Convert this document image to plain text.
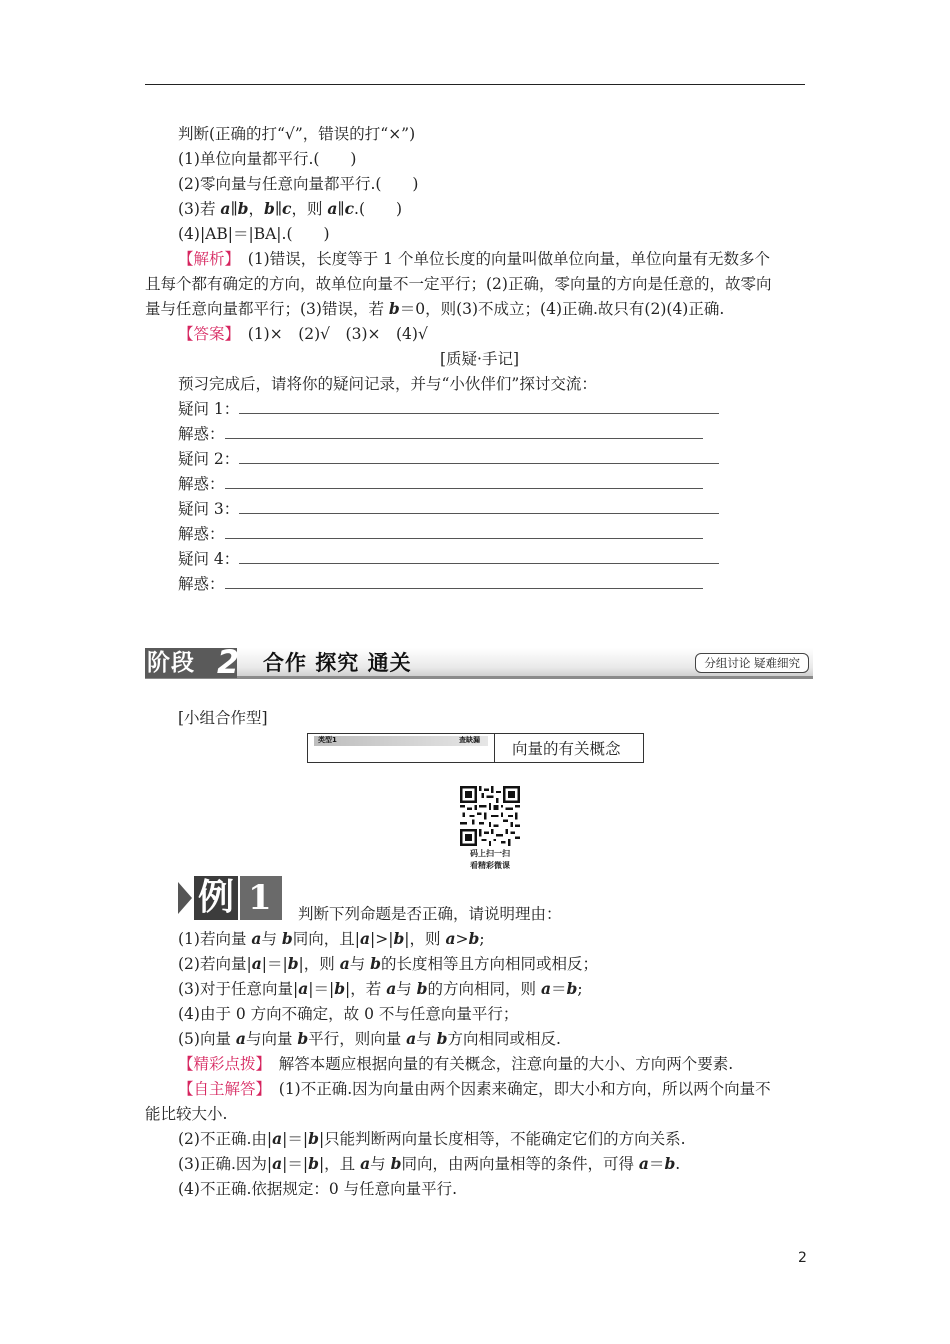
判断(正确的打“√”，错误的打“×”)
(1)单位向量都平行.(　　)
(2)零向量与任意向量都平行.(　　)
(3)若 a∥b，b∥c，则 a∥c.(　　)
(4)|AB|＝|BA|.(　　)
【解析】　(1)错误，长度等于 1 个单位长度的向量叫做单位向量，单位向量有无数多个
且每个都有确定的方向，故单位向量不一定平行；(2)正确，零向量的方向是任意的，故零向
量与任意向量都平行；(3)错误，若 b＝0，则(3)不成立；(4)正确.故只有(2)(4)正确.
【答案】　(1)×　(2)√　(3)×　(4)√
[质疑·手记]
预习完成后，请将你的疑问记录，并与“小伙伴们”探讨交流：
疑问 1：
解惑：
疑问 2：
解惑：
疑问 3：
解惑：
疑问 4：
解惑：
阶段 2 合作 探究 通关	分组讨论 疑难细究
[小组合作型]
类型1	查缺漏 向量的有关概念
码上扫一扫
看精彩微课
例 1 判断下列命题是否正确，请说明理由：
(1)若向量 a与 b同向，且|a|>|b|，则 a>b;
(2)若向量|a|＝|b|，则 a与 b的长度相等且方向相同或相反；
(3)对于任意向量|a|＝|b|，若 a与 b的方向相同，则 a＝b;
(4)由于 0 方向不确定，故 0 不与任意向量平行；
(5)向量 a与向量 b平行，则向量 a与 b方向相同或相反.
【精彩点拨】　解答本题应根据向量的有关概念，注意向量的大小、方向两个要素.
【自主解答】　(1)不正确.因为向量由两个因素来确定，即大小和方向，所以两个向量不
能比较大小.
(2)不正确.由|a|＝|b|只能判断两向量长度相等，不能确定它们的方向关系.
(3)正确.因为|a|＝|b|，且 a与 b同向，由两向量相等的条件，可得 a＝b.
(4)不正确.依据规定：0 与任意向量平行.
2
